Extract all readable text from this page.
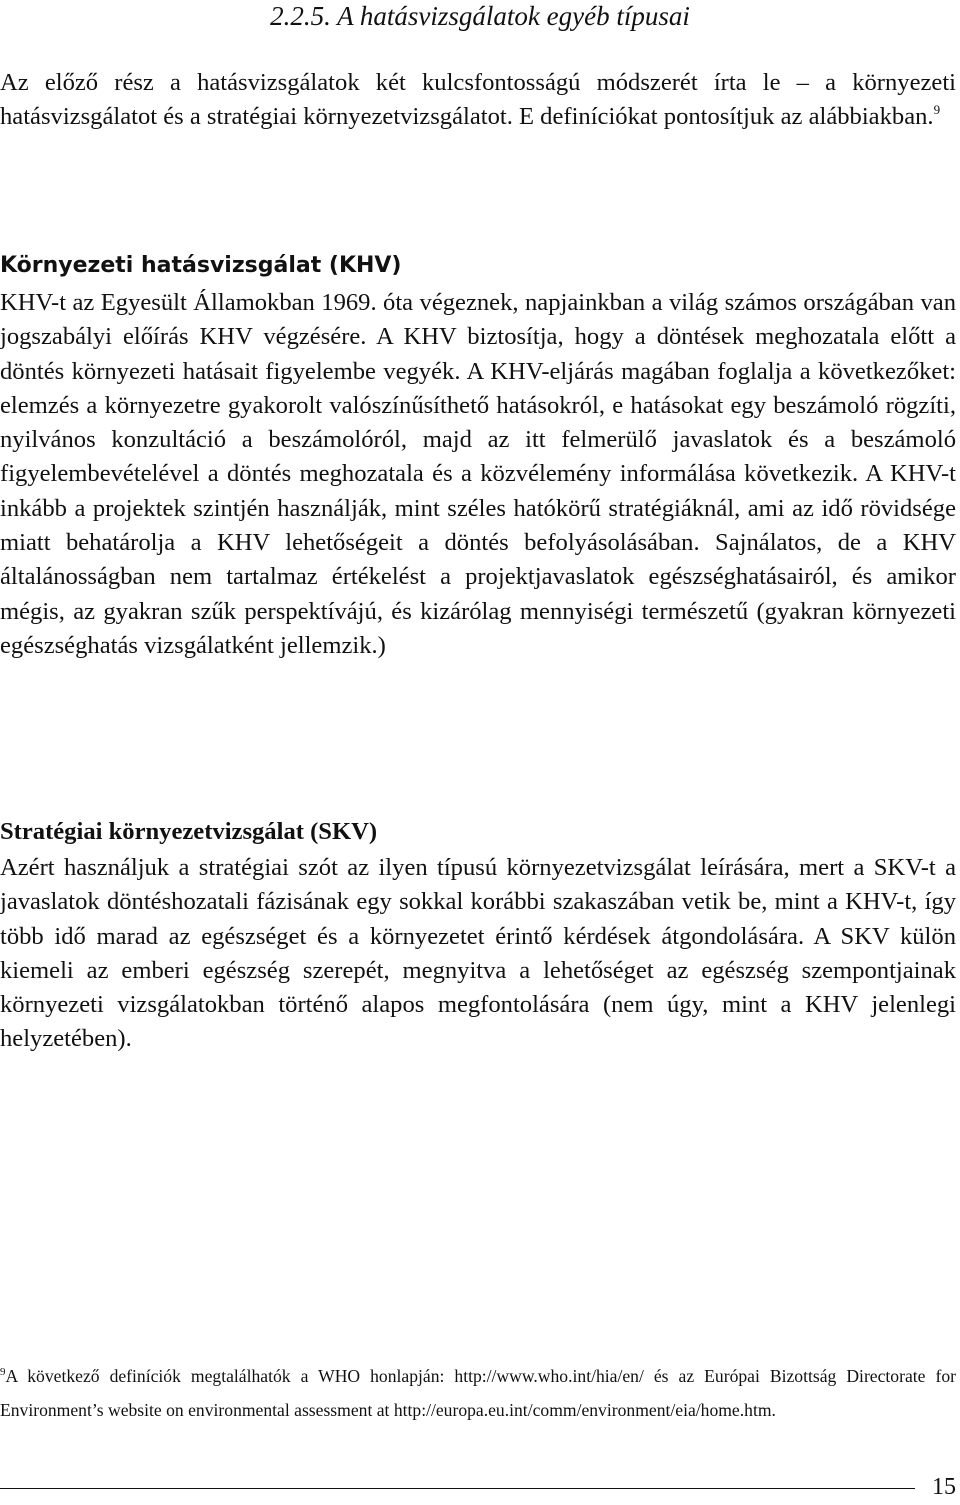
2.2.5. A hatásvizsgálatok egyéb típusai

Az előző rész a hatásvizsgálatok két kulcsfontosságú módszerét írta le – a környezeti hatásvizsgálatot és a stratégiai környezetvizsgálatot. E definíciókat pontosítjuk az alábbiakban.$^9$

Környezeti hatásvizsgálat (KHV)

KHV-t az Egyesült Államokban 1969. óta végeznek, napjainkban a világ számos országában van jogszabályi előírás KHV végzésére. A KHV biztosítja, hogy a döntések meghozatala előtt a döntés környezeti hatásait figyelembe vegyék. A KHV-eljárás magában foglalja a következőket: elemzés a környezetre gyakorolt valószínűsíthető hatásokról, e hatásokat egy beszámoló rögzíti, nyilvános konzultáció a beszámolóról, majd az itt felmerülő javaslatok és a beszámoló figyelembevételével a döntés meghozatala és a közvélemény informálása következik. A KHV-t inkább a projektek szintjén használják, mint széles hatókörű stratégiáknál, ami az idő rövidsége miatt behatárolja a KHV lehetőségeit a döntés befolyásolásában. Sajnálatos, de a KHV általánosságban nem tartalmaz értékelést a projektjavaslatok egészséghatásairól, és amikor mégis, az gyakran szűk perspektívájú, és kizárólag mennyiségi természetű (gyakran környezeti egészséghatás vizsgálatként jellemzik.)

Stratégiai környezetvizsgálat (SKV)

Azért használjuk a stratégiai szót az ilyen típusú környezetvizsgálat leírására, mert a SKV-t a javaslatok döntéshozatali fázisának egy sokkal korábbi szakaszában vetik be, mint a KHV-t, így több idő marad az egészséget és a környezetet érintő kérdések átgondolására. A SKV külön kiemeli az emberi egészség szerepét, megnyitva a lehetőséget az egészség szempontjainak környezeti vizsgálatokban történő alapos megfontolására (nem úgy, mint a KHV jelenlegi helyzetében).

$^9$A következő definíciók megtalálhatók a WHO honlapján: http://www.who.int/hia/en/ és az Európai Bizottság Directorate for Environment’s website on environmental assessment at http://europa.eu.int/comm/environment/eia/home.htm.

15
